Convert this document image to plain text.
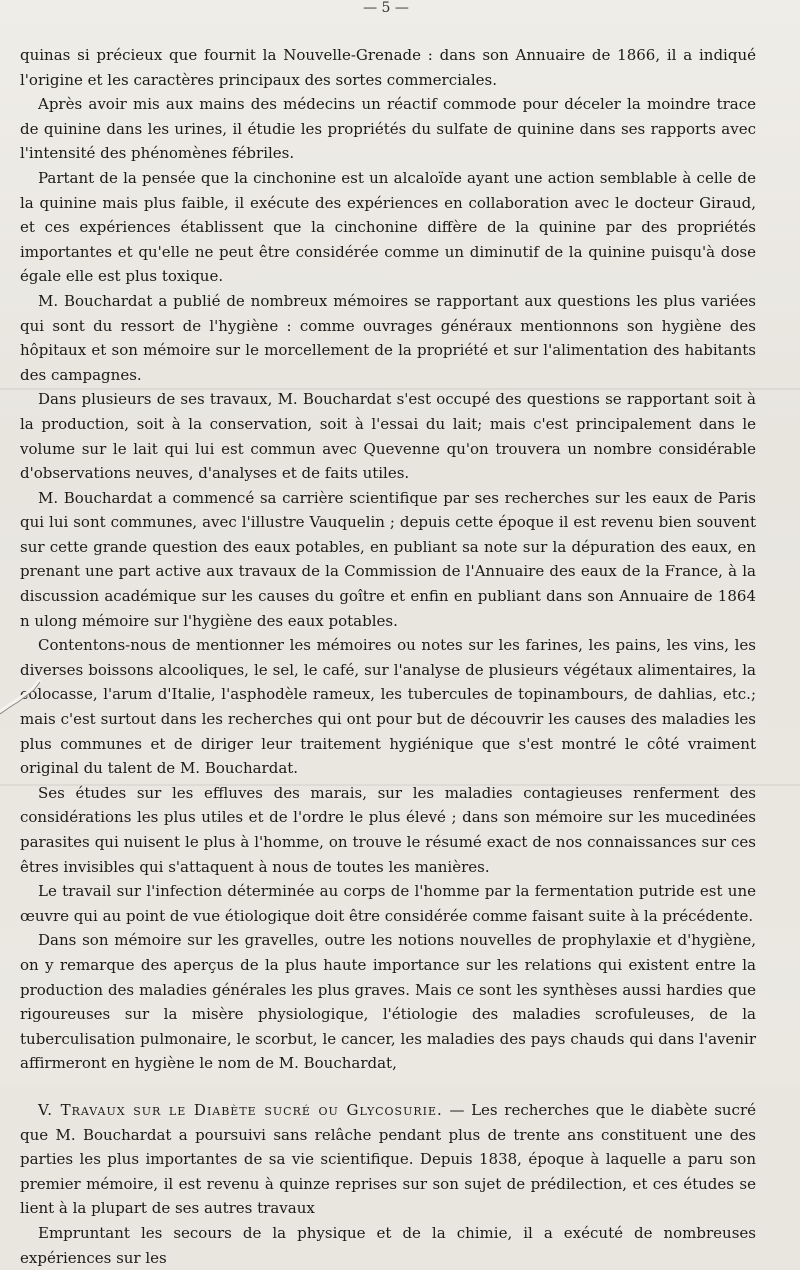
— 5 —

quinas si précieux que fournit la Nouvelle-Grenade : dans son Annuaire de 1866, il a indiqué l'origine et les caractères principaux des sortes commerciales.

Après avoir mis aux mains des médecins un réactif commode pour déceler la moindre trace de quinine dans les urines, il étudie les propriétés du sulfate de quinine dans ses rapports avec l'intensité des phénomènes fébriles.

Partant de la pensée que la cinchonine est un alcaloïde ayant une action semblable à celle de la quinine mais plus faible, il exécute des expériences en collaboration avec le docteur Giraud, et ces expériences établissent que la cinchonine diffère de la quinine par des propriétés importantes et qu'elle ne peut être considérée comme un diminutif de la quinine puisqu'à dose égale elle est plus toxique.

M. Bouchardat a publié de nombreux mémoires se rapportant aux questions les plus variées qui sont du ressort de l'hygiène : comme ouvrages généraux mentionnons son hygiène des hôpitaux et son mémoire sur le morcellement de la propriété et sur l'alimentation des habitants des campagnes.

Dans plusieurs de ses travaux, M. Bouchardat s'est occupé des questions se rapportant soit à la production, soit à la conservation, soit à l'essai du lait; mais c'est principalement dans le volume sur le lait qui lui est commun avec Quevenne qu'on trouvera un nombre considérable d'observations neuves, d'analyses et de faits utiles.

M. Bouchardat a commencé sa carrière scientifique par ses recherches sur les eaux de Paris qui lui sont communes, avec l'illustre Vauquelin ; depuis cette époque il est revenu bien souvent sur cette grande question des eaux potables, en publiant sa note sur la dépuration des eaux, en prenant une part active aux travaux de la Commission de l'Annuaire des eaux de la France, à la discussion académique sur les causes du goître et enfin en publiant dans son Annuaire de 1864 n ulong mémoire sur l'hygiène des eaux potables.

Contentons-nous de mentionner les mémoires ou notes sur les farines, les pains, les vins, les diverses boissons alcooliques, le sel, le café, sur l'analyse de plusieurs végétaux alimentaires, la colocasse, l'arum d'Italie, l'asphodèle rameux, les tubercules de topinambours, de dahlias, etc.; mais c'est surtout dans les recherches qui ont pour but de découvrir les causes des maladies les plus communes et de diriger leur traitement hygiénique que s'est montré le côté vraiment original du talent de M. Bouchardat.

Ses études sur les effluves des marais, sur les maladies contagieuses renferment des considérations les plus utiles et de l'ordre le plus élevé ; dans son mémoire sur les mucedinées parasites qui nuisent le plus à l'homme, on trouve le résumé exact de nos connaissances sur ces êtres invisibles qui s'attaquent à nous de toutes les manières.

Le travail sur l'infection déterminée au corps de l'homme par la fermentation putride est une œuvre qui au point de vue étiologique doit être considérée comme faisant suite à la précédente.

Dans son mémoire sur les gravelles, outre les notions nouvelles de prophylaxie et d'hygiène, on y remarque des aperçus de la plus haute importance sur les relations qui existent entre la production des maladies générales les plus graves. Mais ce sont les synthèses aussi hardies que rigoureuses sur la misère physiologique, l'étiologie des maladies scrofuleuses, de la tuberculisation pulmonaire, le scorbut, le cancer, les maladies des pays chauds qui dans l'avenir affirmeront en hygiène le nom de M. Bouchardat,

V. Travaux sur le Diabète sucré ou Glycosurie. — Les recherches que le diabète sucré que M. Bouchardat a poursuivi sans relâche pendant plus de trente ans constituent une des parties les plus importantes de sa vie scientifique. Depuis 1838, époque à laquelle a paru son premier mémoire, il est revenu à quinze reprises sur son sujet de prédilection, et ces études se lient à la plupart de ses autres travaux

Empruntant les secours de la physique et de la chimie, il a exécuté de nombreuses expériences sur les
